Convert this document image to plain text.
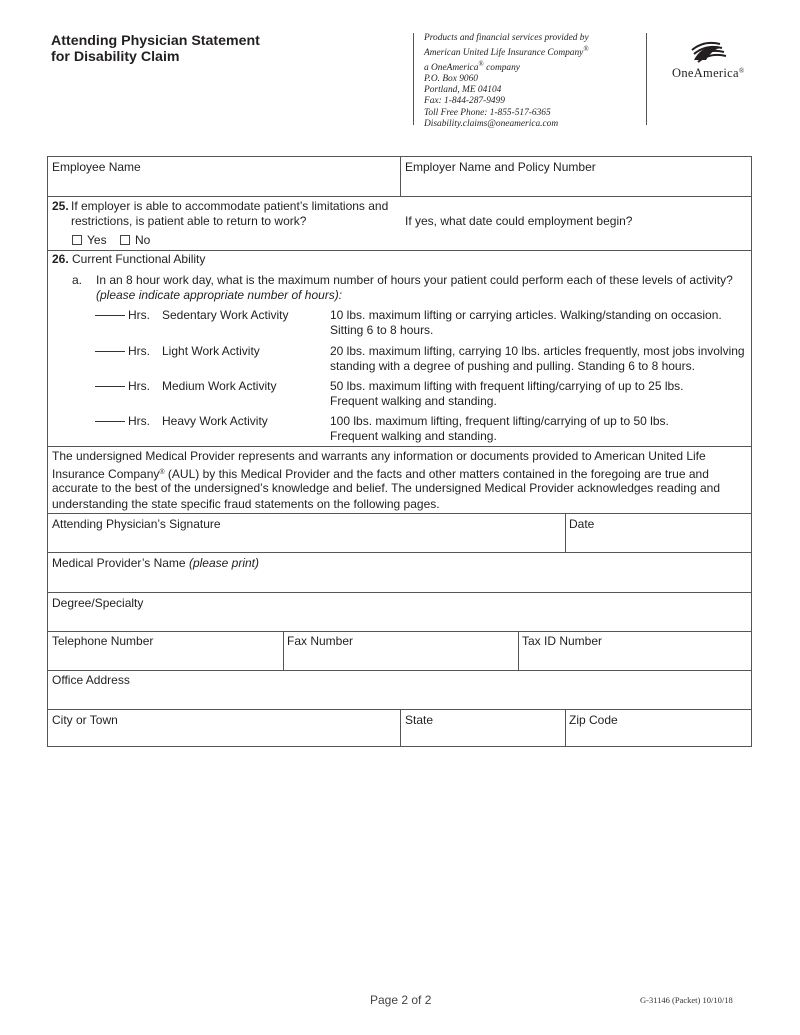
Attending Physician Statement
for Disability Claim
Products and financial services provided by
American United Life Insurance Company®
a OneAmerica® company
P.O. Box 9060
Portland, ME 04104
Fax: 1-844-287-9499
Toll Free Phone: 1-855-517-6365
Disability.claims@oneamerica.com
OneAmerica®
Employee Name	Employer Name and Policy Number
25. If employer is able to accommodate patient’s limitations and
restrictions, is patient able to return to work?
Yes	No
If yes, what date could employment begin?
26. Current Functional Ability
a. In an 8 hour work day, what is the maximum number of hours your patient could perform each of these levels of activity?
(please indicate appropriate number of hours):
Hrs. Sedentary Work Activity	10 lbs. maximum lifting or carrying articles. Walking/standing on occasion.
Sitting 6 to 8 hours.
Hrs. Light Work Activity	20 lbs. maximum lifting, carrying 10 lbs. articles frequently, most jobs involving
standing with a degree of pushing and pulling. Standing 6 to 8 hours.
Hrs. Medium Work Activity	50 lbs. maximum lifting with frequent lifting/carrying of up to 25 lbs.
Frequent walking and standing.
Hrs. Heavy Work Activity	100 lbs. maximum lifting, frequent lifting/carrying of up to 50 lbs.
Frequent walking and standing.
The undersigned Medical Provider represents and warrants any information or documents provided to American United Life
Insurance Company® (AUL) by this Medical Provider and the facts and other matters contained in the foregoing are true and
accurate to the best of the undersigned’s knowledge and belief. The undersigned Medical Provider acknowledges reading and
understanding the state specific fraud statements on the following pages.
Attending Physician’s Signature	Date
Medical Provider’s Name (please print)
Degree/Specialty
Telephone Number	Fax Number	Tax ID Number
Office Address
City or Town	State	Zip Code
Page 2 of 2	G-31146 (Packet) 10/10/18
